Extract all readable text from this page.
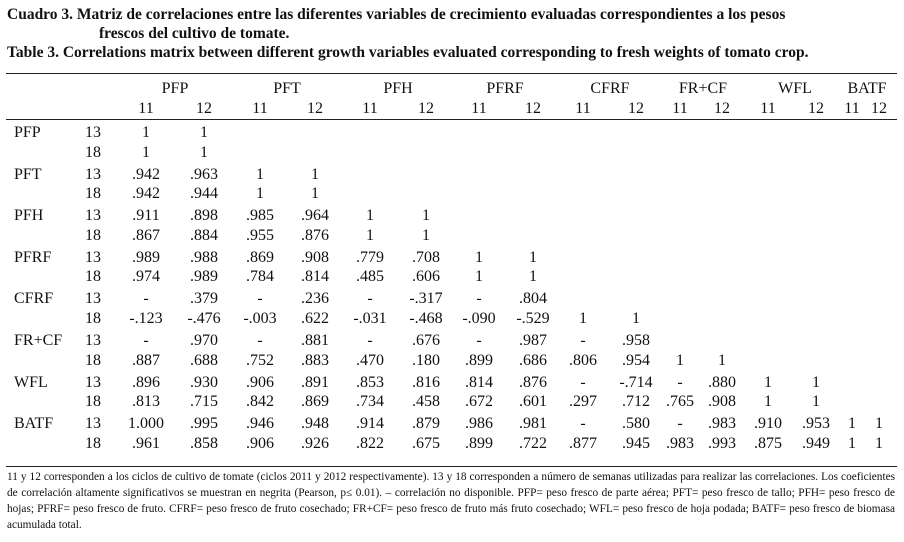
Cuadro 3. Matriz de correlaciones entre las diferentes variables de crecimiento evaluadas correspondientes a los pesos
frescos del cultivo de tomate.
Table 3. Correlations matrix between different growth variables evaluated corresponding to fresh weights of tomato crop.
PFP
11	12
PFT
11	12
PFH
11	12
PFRF
11	12
CFRF
11	12
FR+CF
11	12
WFL
11	12
BATF
11 12
PFP	13	1	1
18	1	1
PFT	13	.942	.963	1	1
18	.942	.944	1	1
PFH	13	.911	.898	.985	.964	1	1
18	.867	.884	.955	.876	1	1
PFRF	13	.989	.988	.869	.908	.779	.708	1	1
18	.974	.989	.784	.814	.485	.606	1	1
CFRF	13	-	.379	-	.236	-	-.317	-	.804
18	-.123	-.476	-.003	.622	-.031	-.468	-.090	-.529	1	1
FR+CF	13	-	.970	-	.881	-	.676	-	.987	-	.958
18	.887	.688	.752	.883	.470	.180	.899	.686	.806	.954	1	1
WFL	13	.896	.930	.906	.891	.853	.816	.814	.876	-	-.714	-	.880	1	1
18	.813	.715	.842	.869	.734	.458	.672	.601	.297	.712	.765 .908	1	1
BATF	13	1.000	.995	.946	.948	.914	.879	.986	.981	-	.580	-	.983	.910	.953	1	1
18	.961	.858	.906	.926	.822	.675	.899	.722	.877	.945	.983 .993	.875	.949	1	1
11 y 12 corresponden a los ciclos de cultivo de tomate (ciclos 2011 y 2012 respectivamente). 13 y 18 corresponden a número de semanas utilizadas para realizar las correlaciones. Los coeficientes de correlación altamente significativos se muestran en negrita (Pearson, p≤ 0.01). – correlación no disponible. PFP= peso fresco de parte aérea; PFT= peso fresco de tallo; PFH= peso fresco de hojas; PFRF= peso fresco de fruto. CFRF= peso fresco de fruto cosechado; FR+CF= peso fresco de fruto más fruto cosechado; WFL= peso fresco de hoja podada; BATF= peso fresco de biomasa acumulada total.
